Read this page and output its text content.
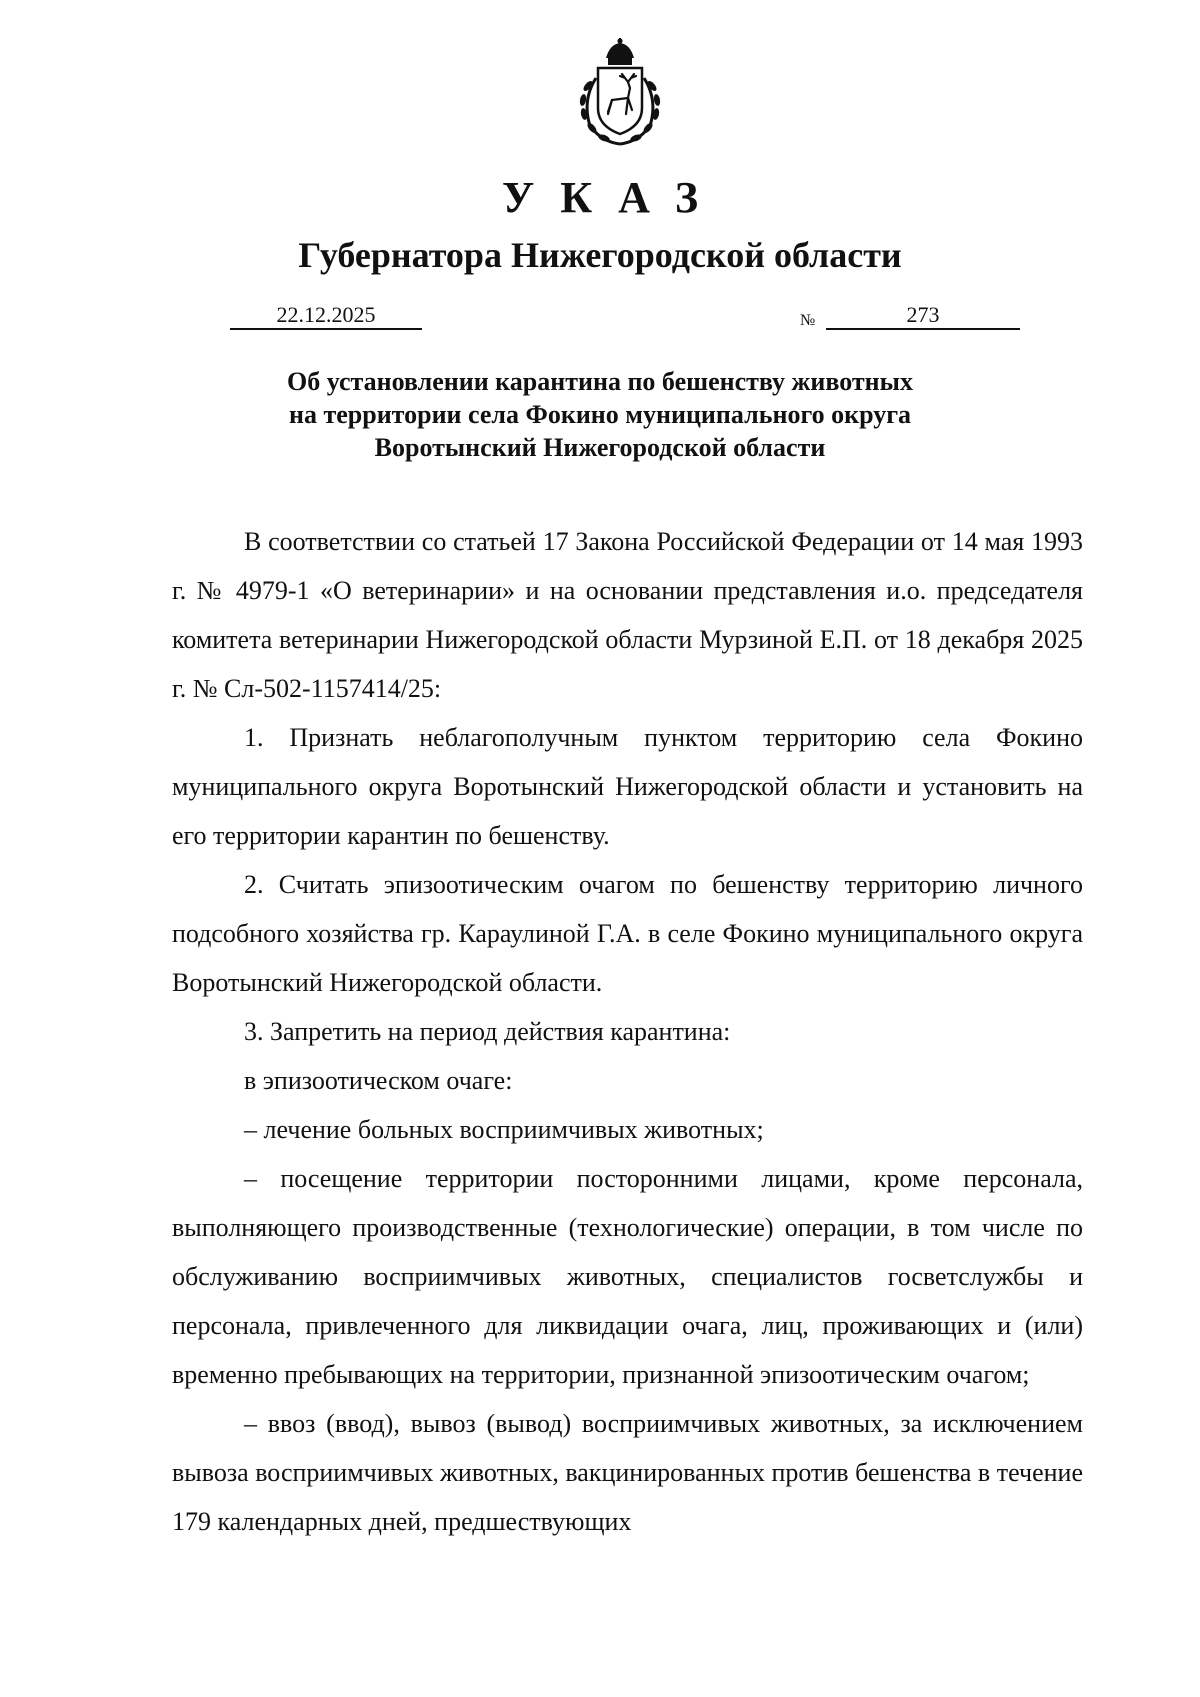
УКАЗ
Губернатора Нижегородской области
22.12.2025	№	273
Об установлении карантина по бешенству животных
на территории села Фокино муниципального округа
Воротынский Нижегородской области

В соответствии со статьей 17 Закона Российской Федерации от 14 мая 1993 г. № 4979-1 «О ветеринарии» и на основании представления и.о. председателя комитета ветеринарии Нижегородской области Мурзиной Е.П. от 18 декабря 2025 г. № Сл-502-1157414/25:

1. Признать неблагополучным пунктом территорию села Фокино муниципального округа Воротынский Нижегородской области и установить на его территории карантин по бешенству.

2. Считать эпизоотическим очагом по бешенству территорию личного подсобного хозяйства гр. Караулиной Г.А. в селе Фокино муниципального округа Воротынский Нижегородской области.

3. Запретить на период действия карантина:

в эпизоотическом очаге:

– лечение больных восприимчивых животных;

– посещение территории посторонними лицами, кроме персонала, выполняющего производственные (технологические) операции, в том числе по обслуживанию восприимчивых животных, специалистов госветслужбы и персонала, привлеченного для ликвидации очага, лиц, проживающих и (или) временно пребывающих на территории, признанной эпизоотическим очагом;

– ввоз (ввод), вывоз (вывод) восприимчивых животных, за исключением вывоза восприимчивых животных, вакцинированных против бешенства в течение 179 календарных дней, предшествующих
